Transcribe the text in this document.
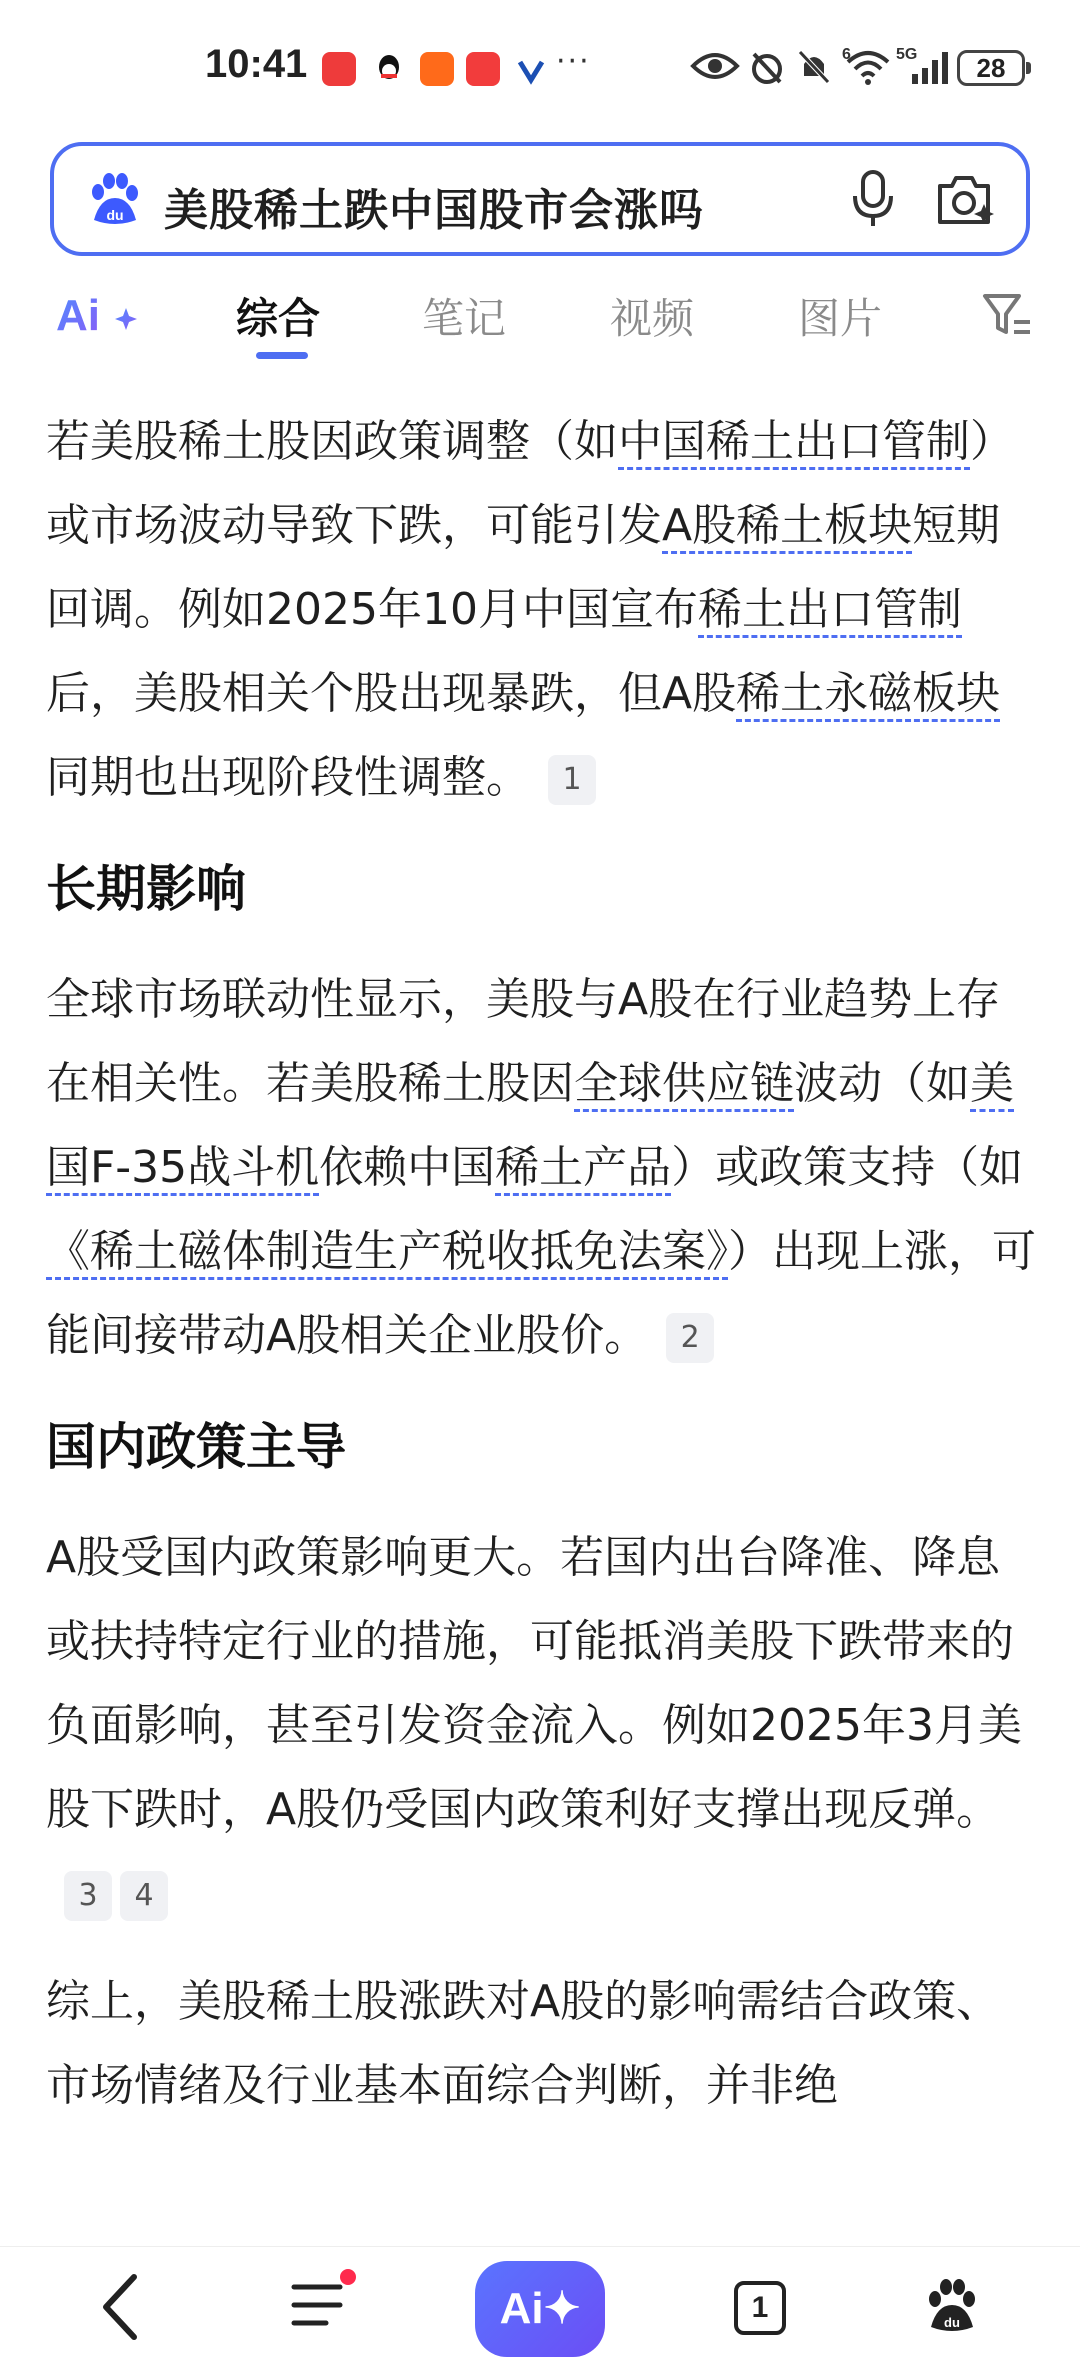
10:41	···	6	5G	28
du 美股稀土跌中国股市会涨吗
Ai	综合 笔记 视频 图片

若美股稀土股因政策调整（如中国稀土出口管制）或市场波动导致下跌，可能引发A股稀土板块短期回调。例如2025年10月中国宣布稀土出口管制后，美股相关个股出现暴跌，但A股稀土永磁板块同期也出现阶段性调整。 1

长期影响

全球市场联动性显示，美股与A股在行业趋势上存在相关性。若美股稀土股因全球供应链波动（如美国F-35战斗机依赖中国稀土产品）或政策支持（如《稀土磁体制造生产税收抵免法案》）出现上涨，可能间接带动A股相关企业股价。 2

国内政策主导

A股受国内政策影响更大。若国内出台降准、降息或扶持特定行业的措施，可能抵消美股下跌带来的负面影响，甚至引发资金流入。例如2025年3月美股下跌时，A股仍受国内政策利好支撑出现反弹。3 4

综上，美股稀土股涨跌对A股的影响需结合政策、市场情绪及行业基本面综合判断，并非绝

Ai✦	1	du
